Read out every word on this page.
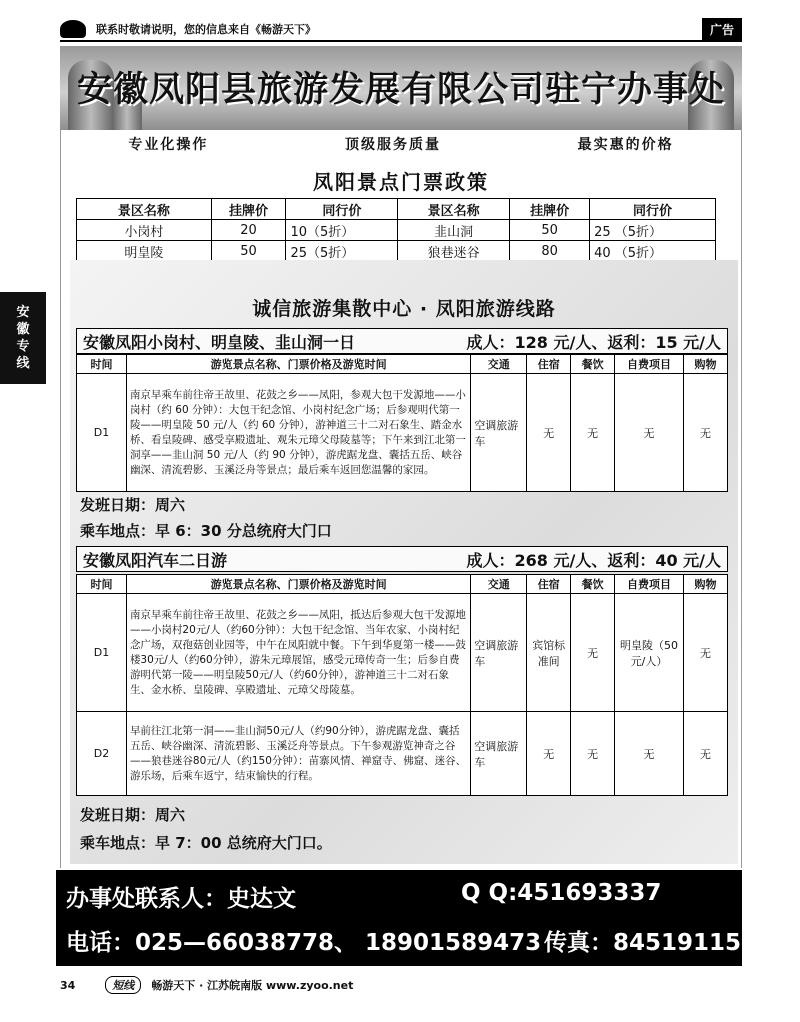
联系时敬请说明，您的信息来自《畅游天下》	广告
安
徽
专
线
安徽凤阳县旅游发展有限公司驻宁办事处
专业化操作	顶级服务质量	最实惠的价格
凤阳景点门票政策
景区名称	挂牌价	同行价	景区名称	挂牌价	同行价
小岗村	20	10（5折）	韭山洞	50	25 （5折）
明皇陵	50	25（5折）	狼巷迷谷	80	40 （5折）

诚信旅游集散中心 · 凤阳旅游线路
安徽凤阳小岗村、明皇陵、韭山洞一日	成人：128 元/人、返利：15 元/人
时间	游览景点名称、门票价格及游览时间	交通	住宿	餐饮	自费项目	购物
D1	南京早乘车前往帝王故里、花鼓之乡——凤阳，参观大包干发源地——小岗村（约 60 分钟）：大包干纪念馆、小岗村纪念广场；后参观明代第一陵——明皇陵 50 元/人（约 60 分钟），游神道三十二对石象生、踏金水桥、看皇陵碑、感受享殿遗址、观朱元璋父母陵墓等；下午来到江北第一洞享——韭山洞 50 元/人（约 90 分钟），游虎踞龙盘、囊括五岳、峡谷幽深、清流碧影、玉溪泛舟等景点；最后乘车返回您温馨的家园。	空调旅游车	无	无	无	无
发班日期：周六
乘车地点：早 6：30 分总统府大门口
安徽凤阳汽车二日游	成人：268 元/人、返利：40 元/人
时间	游览景点名称、门票价格及游览时间	交通	住宿	餐饮	自费项目	购物
D1	南京早乘车前往帝王故里、花鼓之乡——凤阳，抵达后参观大包干发源地——小岗村20元/人（约60分钟）：大包干纪念馆、当年农家、小岗村纪念广场，双孢菇创业园等，中午在凤阳就中餐。下午到华夏第一楼——鼓楼30元/人（约60分钟），游朱元璋展馆，感受元璋传奇一生；后参自费游明代第一陵——明皇陵50元/人（约60分钟），游神道三十二对石象生、金水桥、皇陵碑、享殿遗址、元璋父母陵墓。	空调旅游车	宾馆标准间	无	明皇陵（50 元/人）	无
D2	早前往江北第一洞——韭山洞50元/人（约90分钟），游虎踞龙盘、囊括五岳、峡谷幽深、清流碧影、玉溪泛舟等景点。下午参观游览神奇之谷——狼巷迷谷80元/人（约150分钟）：苗寨风情、禅窟寺、佛窟、迷谷、游乐场，后乘车返宁，结束愉快的行程。	空调旅游车	无	无	无	无
发班日期：周六
乘车地点：早 7：00 总统府大门口。
办事处联系人：史达文	Q Q:451693337
电话：025—66038778、 18901589473 传真：84519115
34	短线	畅游天下 · 江苏皖南版 www.zyoo.net
